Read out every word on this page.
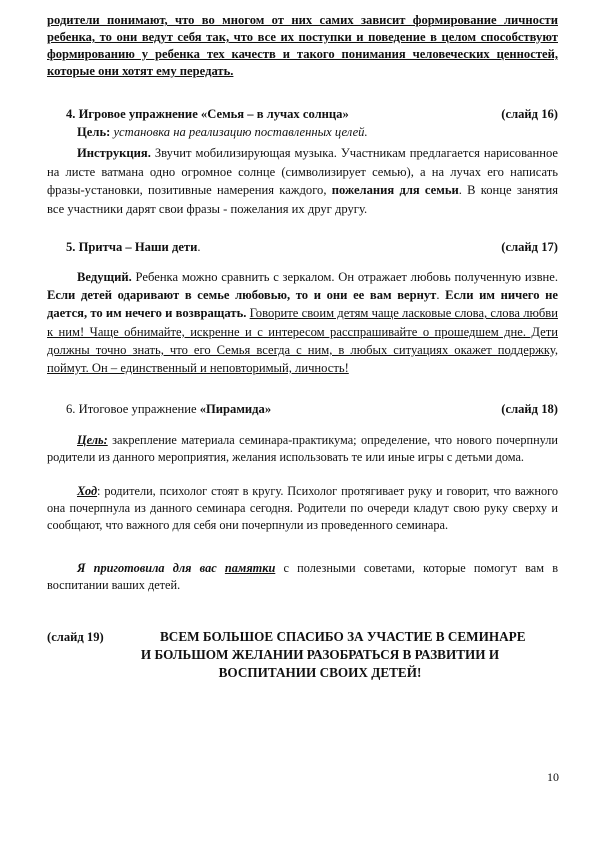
родители понимают, что во многом от них самих зависит формирование личности ребенка, то они ведут себя так, что все их поступки и поведение в целом способствуют формированию у ребенка тех качеств и такого понимания человеческих ценностей, которые они хотят ему передать.
4. Игровое упражнение «Семья – в лучах солнца»	(слайд 16)
Цель: установка на реализацию поставленных целей.
Инструкция. Звучит мобилизирующая музыка. Участникам предлагается нарисованное на листе ватмана одно огромное солнце (символизирует семью), а на лучах его написать фразы-установки, позитивные намерения каждого, пожелания для семьи. В конце занятия все участники дарят свои фразы - пожелания их друг другу.
5. Притча – Наши дети.	(слайд 17)
Ведущий. Ребенка можно сравнить с зеркалом. Он отражает любовь полученную извне. Если детей одаривают в семье любовью, то и они ее вам вернут. Если им ничего не дается, то им нечего и возвращать. Говорите своим детям чаще ласковые слова, слова любви к ним! Чаще обнимайте, искренне и с интересом расспрашивайте о прошедшем дне. Дети должны точно знать, что его Семья всегда с ним, в любых ситуациях окажет поддержку, поймут. Он – единственный и неповторимый, личность!
6. Итоговое упражнение «Пирамида»	(слайд 18)
Цель: закрепление материала семинара-практикума; определение, что нового почерпнули родители из данного мероприятия, желания использовать те или иные игры с детьми дома.
Ход: родители, психолог стоят в кругу. Психолог протягивает руку и говорит, что важного она почерпнула из данного семинара сегодня. Родители по очереди кладут свою руку сверху и сообщают, что важного для себя они почерпнули из проведенного семинара.
Я приготовила для вас памятки с полезными советами, которые помогут вам в воспитании ваших детей.
(слайд 19)	ВСЕМ БОЛЬШОЕ СПАСИБО ЗА УЧАСТИЕ В СЕМИНАРЕ
И БОЛЬШОМ ЖЕЛАНИИ РАЗОБРАТЬСЯ В РАЗВИТИИ И
ВОСПИТАНИИ СВОИХ ДЕТЕЙ!
10
